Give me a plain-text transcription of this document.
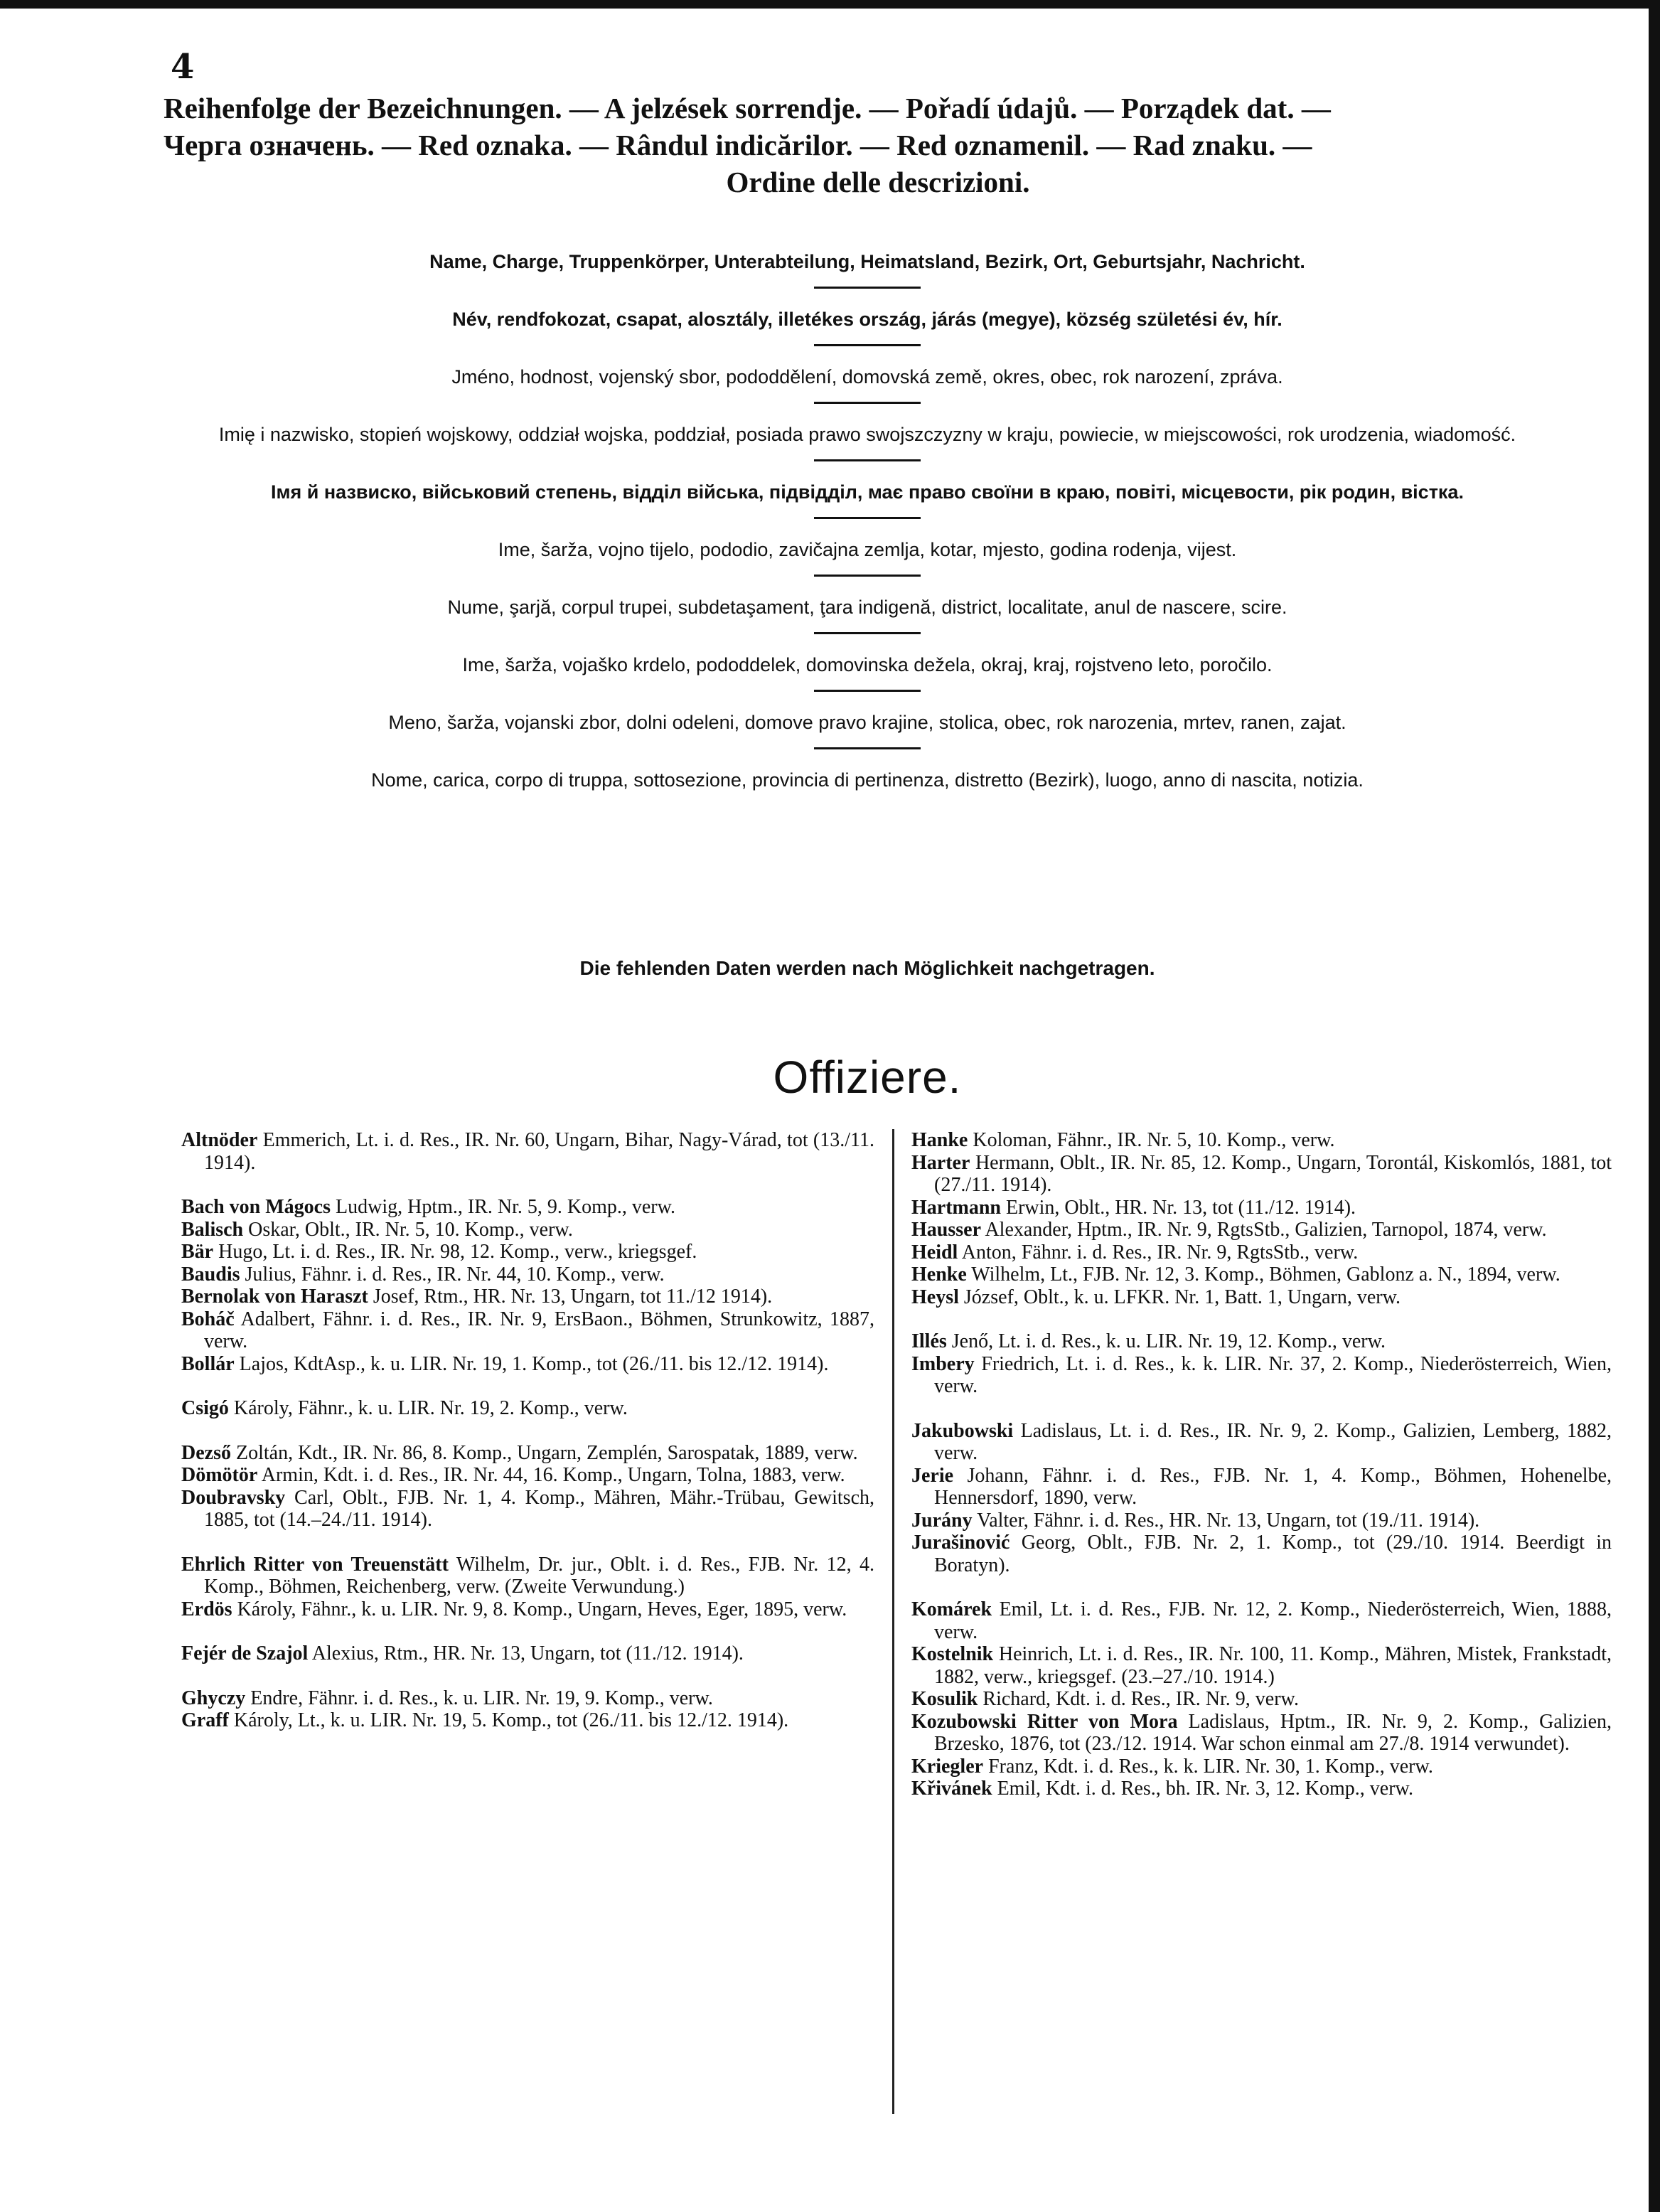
4
Reihenfolge der Bezeichnungen. — A jelzések sorrendje. — Pořadí údajů. — Porządek dat. —
Черга означень. — Red oznaka. — Rândul indicărilor. — Red oznamenil. — Rad znaku. —
Ordine delle descrizioni.

Name, Charge, Truppenkörper, Unterabteilung, Heimatsland, Bezirk, Ort, Geburtsjahr, Nachricht.

Név, rendfokozat, csapat, alosztály, illetékes ország, járás (megye), község születési év, hír.

Jméno, hodnost, vojenský sbor, pododdělení, domovská země, okres, obec, rok narození, zpráva.

Imię i nazwisko, stopień wojskowy, oddział wojska, poddział, posiada prawo swojszczyzny w kraju, powiecie, w miejscowości, rok urodzenia, wiadomość.

Імя й назвиско, військовий степень, відділ війська, підвідділ, має право своїни в краю, повіті, місцевости, рік родин, вістка.

Ime, šarža, vojno tijelo, pododio, zavičajna zemlja, kotar, mjesto, godina rodenja, vijest.

Nume, şarjă, corpul trupei, subdetaşament, ţara indigenă, district, localitate, anul de nascere, scire.

Ime, šarža, vojaško krdelo, pododdelek, domovinska dežela, okraj, kraj, rojstveno leto, poročilo.

Meno, šarža, vojanski zbor, dolni odeleni, domove pravo krajine, stolica, obec, rok narozenia, mrtev, ranen, zajat.

Nome, carica, corpo di truppa, sottosezione, provincia di pertinenza, distretto (Bezirk), luogo, anno di nascita, notizia.

Die fehlenden Daten werden nach Möglichkeit nachgetragen.
Offiziere.

Altnöder Emmerich, Lt. i. d. Res., IR. Nr. 60, Ungarn, Bihar, Nagy-Várad, tot (13./11. 1914).

Bach von Mágocs Ludwig, Hptm., IR. Nr. 5, 9. Komp., verw.

Balisch Oskar, Oblt., IR. Nr. 5, 10. Komp., verw.

Bär Hugo, Lt. i. d. Res., IR. Nr. 98, 12. Komp., verw., kriegsgef.

Baudis Julius, Fähnr. i. d. Res., IR. Nr. 44, 10. Komp., verw.

Bernolak von Haraszt Josef, Rtm., HR. Nr. 13, Ungarn, tot 11./12 1914).

Boháč Adalbert, Fähnr. i. d. Res., IR. Nr. 9, ErsBaon., Böhmen, Strunkowitz, 1887, verw.

Bollár Lajos, KdtAsp., k. u. LIR. Nr. 19, 1. Komp., tot (26./11. bis 12./12. 1914).

Csigó Károly, Fähnr., k. u. LIR. Nr. 19, 2. Komp., verw.

Dezső Zoltán, Kdt., IR. Nr. 86, 8. Komp., Ungarn, Zemplén, Sarospatak, 1889, verw.

Dömötör Armin, Kdt. i. d. Res., IR. Nr. 44, 16. Komp., Ungarn, Tolna, 1883, verw.

Doubravsky Carl, Oblt., FJB. Nr. 1, 4. Komp., Mähren, Mähr.-Trübau, Gewitsch, 1885, tot (14.–24./11. 1914).

Ehrlich Ritter von Treuenstätt Wilhelm, Dr. jur., Oblt. i. d. Res., FJB. Nr. 12, 4. Komp., Böhmen, Reichenberg, verw. (Zweite Verwundung.)

Erdös Károly, Fähnr., k. u. LIR. Nr. 9, 8. Komp., Ungarn, Heves, Eger, 1895, verw.

Fejér de Szajol Alexius, Rtm., HR. Nr. 13, Ungarn, tot (11./12. 1914).

Ghyczy Endre, Fähnr. i. d. Res., k. u. LIR. Nr. 19, 9. Komp., verw.

Graff Károly, Lt., k. u. LIR. Nr. 19, 5. Komp., tot (26./11. bis 12./12. 1914).

Hanke Koloman, Fähnr., IR. Nr. 5, 10. Komp., verw.

Harter Hermann, Oblt., IR. Nr. 85, 12. Komp., Ungarn, Torontál, Kiskomlós, 1881, tot (27./11. 1914).

Hartmann Erwin, Oblt., HR. Nr. 13, tot (11./12. 1914).

Hausser Alexander, Hptm., IR. Nr. 9, RgtsStb., Galizien, Tarnopol, 1874, verw.

Heidl Anton, Fähnr. i. d. Res., IR. Nr. 9, RgtsStb., verw.

Henke Wilhelm, Lt., FJB. Nr. 12, 3. Komp., Böhmen, Gablonz a. N., 1894, verw.

Heysl József, Oblt., k. u. LFKR. Nr. 1, Batt. 1, Ungarn, verw.

Illés Jenő, Lt. i. d. Res., k. u. LIR. Nr. 19, 12. Komp., verw.

Imbery Friedrich, Lt. i. d. Res., k. k. LIR. Nr. 37, 2. Komp., Niederösterreich, Wien, verw.

Jakubowski Ladislaus, Lt. i. d. Res., IR. Nr. 9, 2. Komp., Galizien, Lemberg, 1882, verw.

Jerie Johann, Fähnr. i. d. Res., FJB. Nr. 1, 4. Komp., Böhmen, Hohenelbe, Hennersdorf, 1890, verw.

Jurány Valter, Fähnr. i. d. Res., HR. Nr. 13, Ungarn, tot (19./11. 1914).

Jurašinović Georg, Oblt., FJB. Nr. 2, 1. Komp., tot (29./10. 1914. Beerdigt in Boratyn).

Komárek Emil, Lt. i. d. Res., FJB. Nr. 12, 2. Komp., Niederösterreich, Wien, 1888, verw.

Kostelnik Heinrich, Lt. i. d. Res., IR. Nr. 100, 11. Komp., Mähren, Mistek, Frankstadt, 1882, verw., kriegsgef. (23.–27./10. 1914.)

Kosulik Richard, Kdt. i. d. Res., IR. Nr. 9, verw.

Kozubowski Ritter von Mora Ladislaus, Hptm., IR. Nr. 9, 2. Komp., Galizien, Brzesko, 1876, tot (23./12. 1914. War schon einmal am 27./8. 1914 verwundet).

Kriegler Franz, Kdt. i. d. Res., k. k. LIR. Nr. 30, 1. Komp., verw.

Křivánek Emil, Kdt. i. d. Res., bh. IR. Nr. 3, 12. Komp., verw.
